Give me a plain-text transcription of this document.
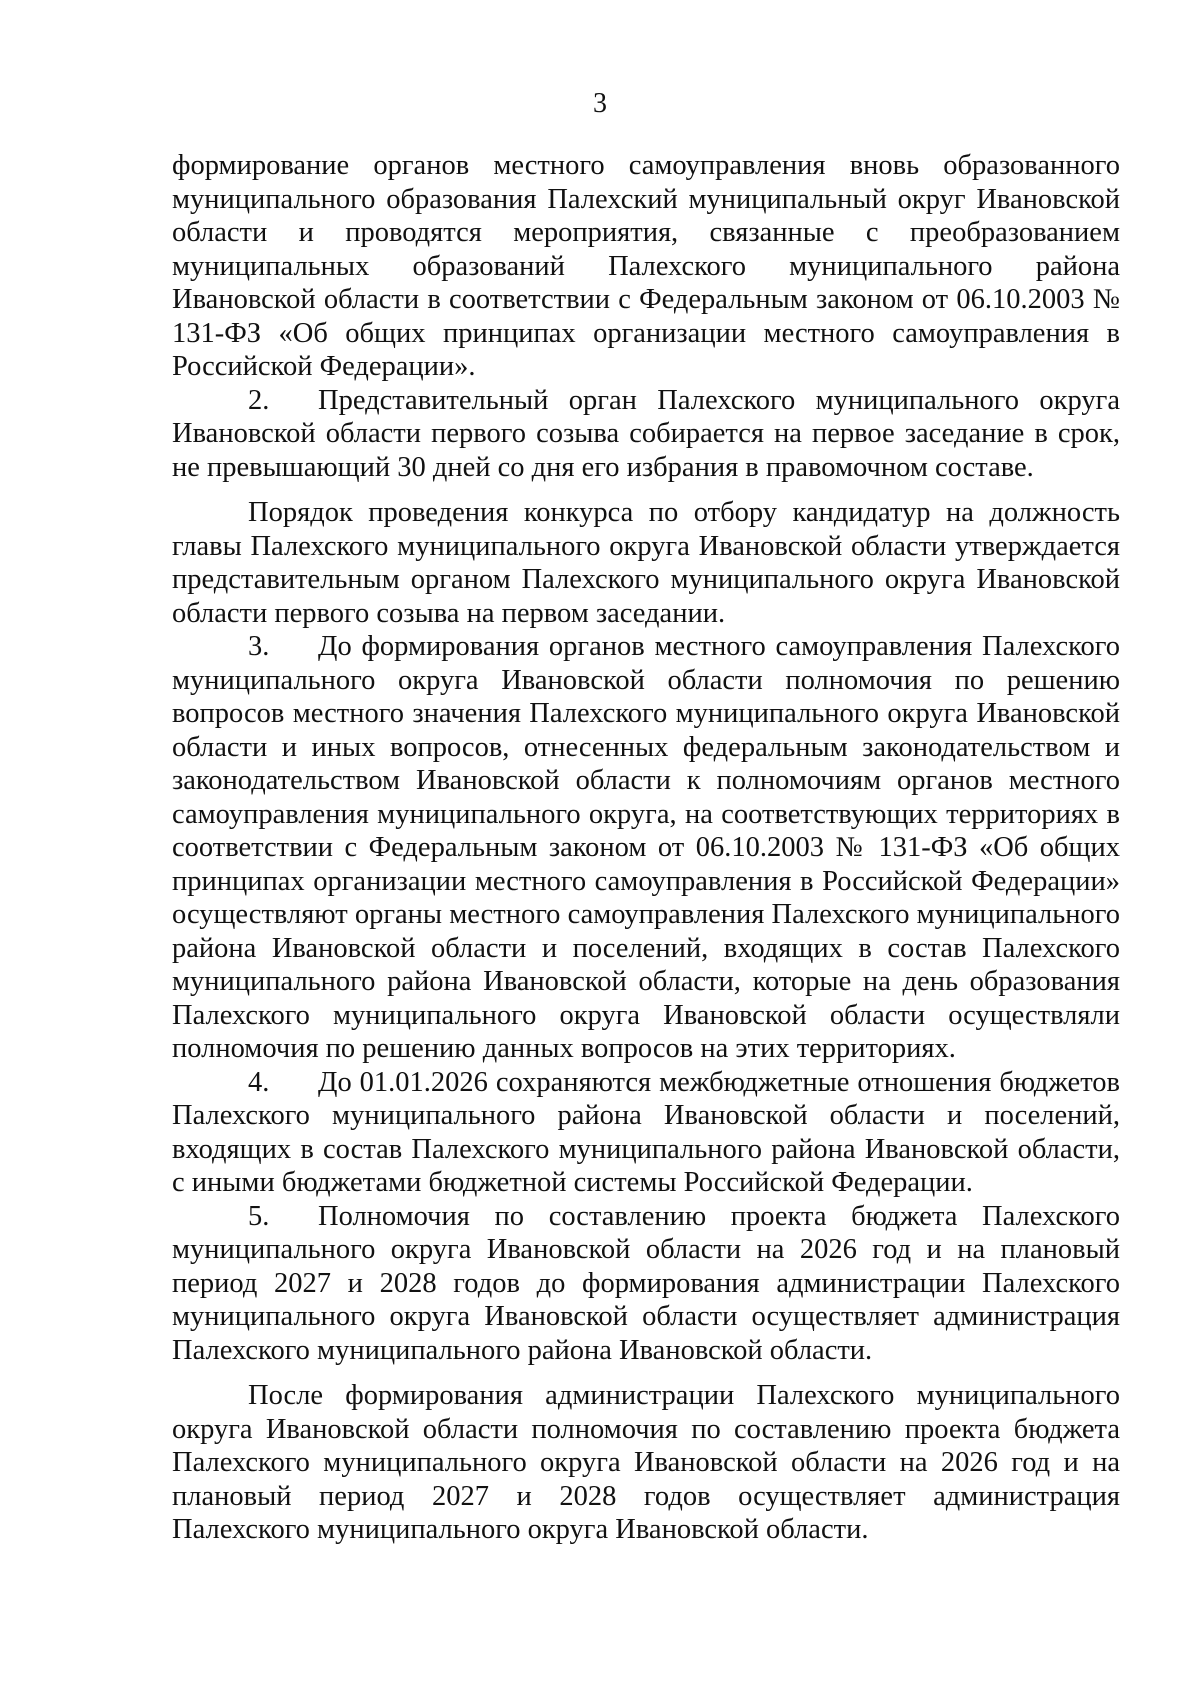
3

формирование органов местного самоуправления вновь образованного муниципального образования Палехский муниципальный округ Ивановской области и проводятся мероприятия, связанные с преобразованием муниципальных образований Палехского муниципального района Ивановской области в соответствии с Федеральным законом от 06.10.2003 № 131-ФЗ «Об общих принципах организации местного самоуправления в Российской Федерации».

2. Представительный орган Палехского муниципального округа Ивановской области первого созыва собирается на первое заседание в срок, не превышающий 30 дней со дня его избрания в правомочном составе.

Порядок проведения конкурса по отбору кандидатур на должность главы Палехского муниципального округа Ивановской области утверждается представительным органом Палехского муниципального округа Ивановской области первого созыва на первом заседании.

3. До формирования органов местного самоуправления Палехского муниципального округа Ивановской области полномочия по решению вопросов местного значения Палехского муниципального округа Ивановской области и иных вопросов, отнесенных федеральным законодательством и законодательством Ивановской области к полномочиям органов местного самоуправления муниципального округа, на соответствующих территориях в соответствии с Федеральным законом от 06.10.2003 № 131-ФЗ «Об общих принципах организации местного самоуправления в Российской Федерации» осуществляют органы местного самоуправления Палехского муниципального района Ивановской области и поселений, входящих в состав Палехского муниципального района Ивановской области, которые на день образования Палехского муниципального округа Ивановской области осуществляли полномочия по решению данных вопросов на этих территориях.

4. До 01.01.2026 сохраняются межбюджетные отношения бюджетов Палехского муниципального района Ивановской области и поселений, входящих в состав Палехского муниципального района Ивановской области, с иными бюджетами бюджетной системы Российской Федерации.

5. Полномочия по составлению проекта бюджета Палехского муниципального округа Ивановской области на 2026 год и на плановый период 2027 и 2028 годов до формирования администрации Палехского муниципального округа Ивановской области осуществляет администрация Палехского муниципального района Ивановской области.

После формирования администрации Палехского муниципального округа Ивановской области полномочия по составлению проекта бюджета Палехского муниципального округа Ивановской области на 2026 год и на плановый период 2027 и 2028 годов осуществляет администрация Палехского муниципального округа Ивановской области.
